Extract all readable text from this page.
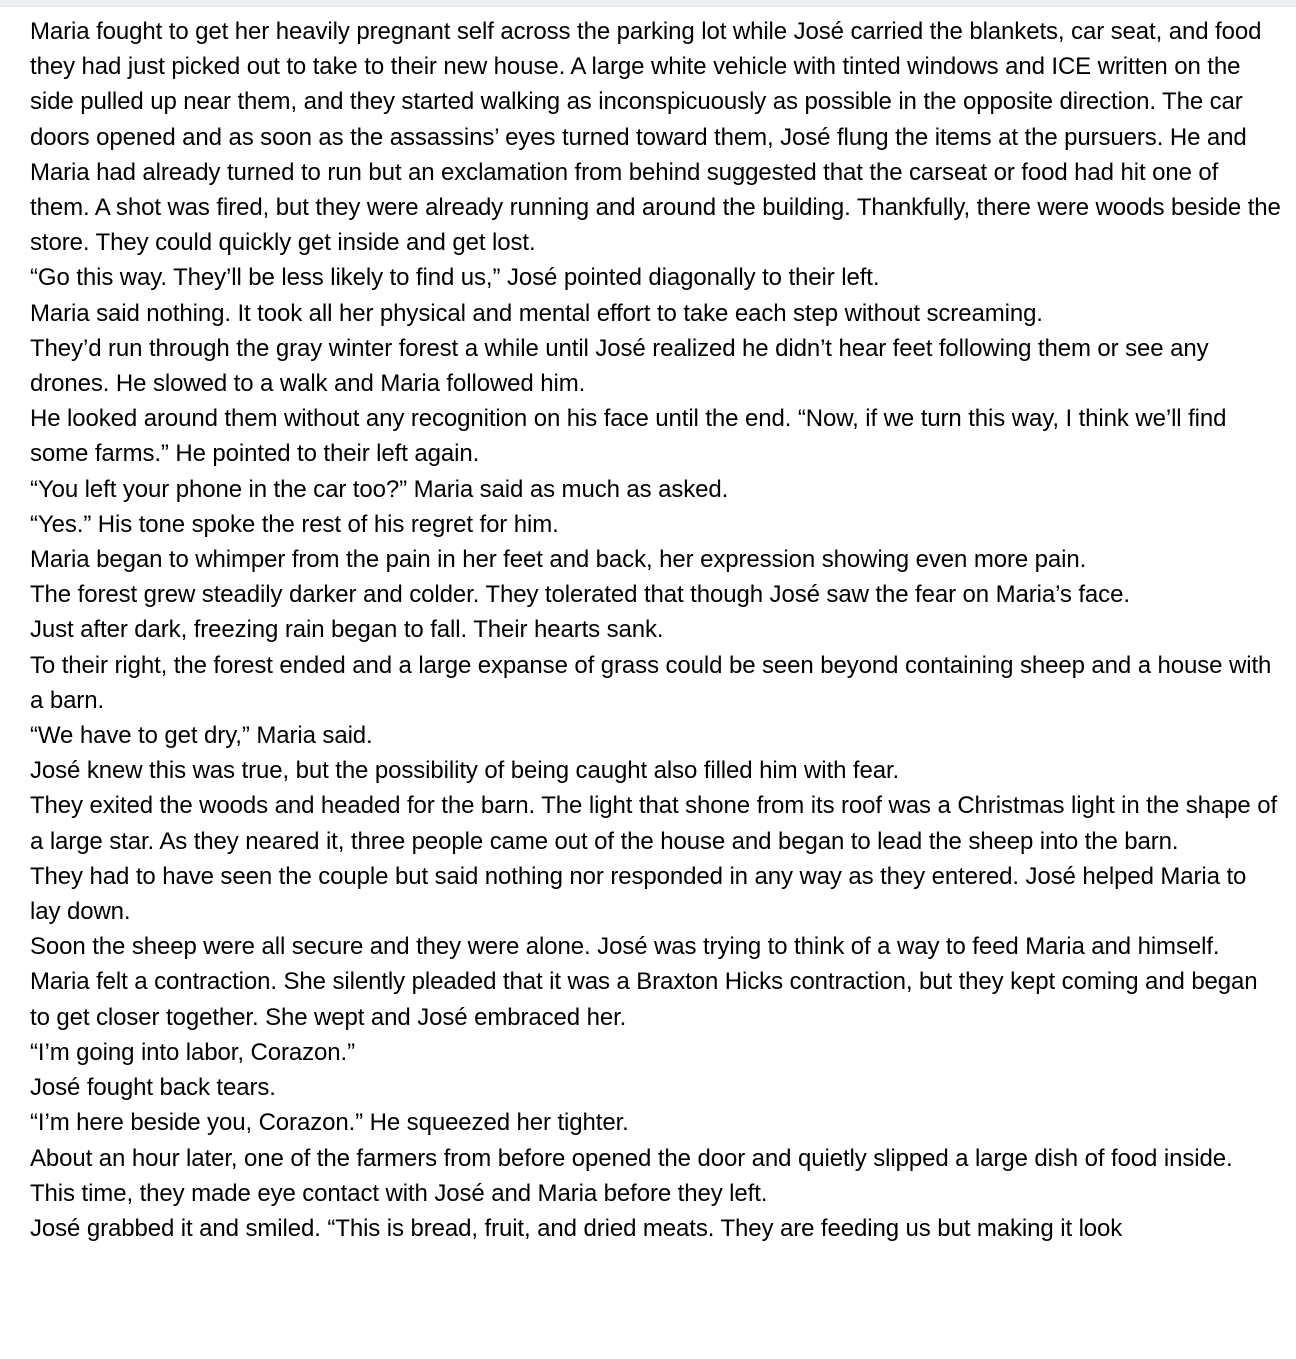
Maria fought to get her heavily pregnant self across the parking lot while José carried the blankets, car seat, and food they had just picked out to take to their new house. A large white vehicle with tinted windows and ICE written on the side pulled up near them, and they started walking as inconspicuously as possible in the opposite direction. The car doors opened and as soon as the assassins’ eyes turned toward them, José flung the items at the pursuers. He and Maria had already turned to run but an exclamation from behind suggested that the carseat or food had hit one of them. A shot was fired, but they were already running and around the building. Thankfully, there were woods beside the store. They could quickly get inside and get lost.

“Go this way. They’ll be less likely to find us,” José pointed diagonally to their left.

Maria said nothing. It took all her physical and mental effort to take each step without screaming.

They’d run through the gray winter forest a while until José realized he didn’t hear feet following them or see any drones. He slowed to a walk and Maria followed him.

He looked around them without any recognition on his face until the end. “Now, if we turn this way, I think we’ll find some farms.” He pointed to their left again.

“You left your phone in the car too?” Maria said as much as asked.

“Yes.” His tone spoke the rest of his regret for him.

Maria began to whimper from the pain in her feet and back, her expression showing even more pain.

The forest grew steadily darker and colder. They tolerated that though José saw the fear on Maria’s face.

Just after dark, freezing rain began to fall. Their hearts sank.

To their right, the forest ended and a large expanse of grass could be seen beyond containing sheep and a house with a barn.

“We have to get dry,” Maria said.

José knew this was true, but the possibility of being caught also filled him with fear.

They exited the woods and headed for the barn. The light that shone from its roof was a Christmas light in the shape of a large star. As they neared it, three people came out of the house and began to lead the sheep into the barn.

They had to have seen the couple but said nothing nor responded in any way as they entered. José helped Maria to lay down.

Soon the sheep were all secure and they were alone. José was trying to think of a way to feed Maria and himself.

Maria felt a contraction. She silently pleaded that it was a Braxton Hicks contraction, but they kept coming and began to get closer together. She wept and José embraced her.

“I’m going into labor, Corazon.”

José fought back tears.

“I’m here beside you, Corazon.” He squeezed her tighter.

About an hour later, one of the farmers from before opened the door and quietly slipped a large dish of food inside. This time, they made eye contact with José and Maria before they left.

José grabbed it and smiled. “This is bread, fruit, and dried meats. They are feeding us but making it look
